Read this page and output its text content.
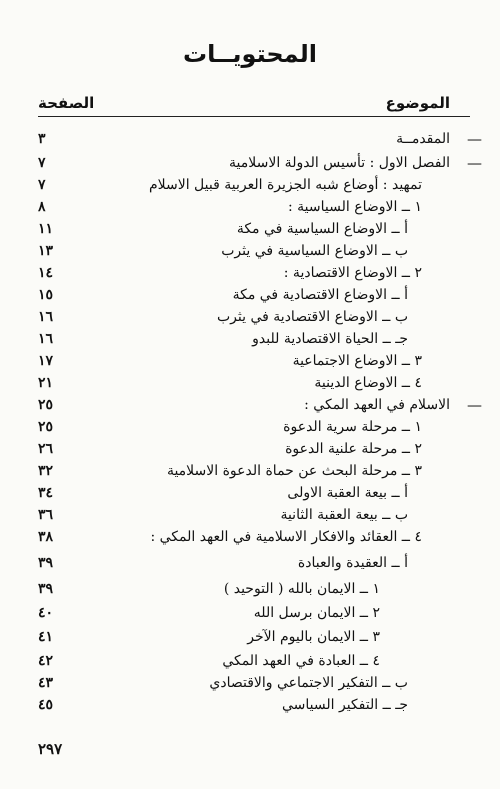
المحتويــات
الموضوع
الصفحة
—
المقدمــة
٣
—
الفصل الاول : تأسيس الدولة الاسلامية
٧
تمهيد : أوضاع شبه الجزيرة العربية قبيل الاسلام
٧
١ ــ الاوضاع السياسية :
٨
أ ــ الاوضاع السياسية في مكة
١١
ب ــ الاوضاع السياسية في يثرب
١٣
٢ ــ الاوضاع الاقتصادية :
١٤
أ ــ الاوضاع الاقتصادية في مكة
١٥
ب ــ الاوضاع الاقتصادية في يثرب
١٦
جـ ــ الحياة الاقتصادية للبدو
١٦
٣ ــ الاوضاع الاجتماعية
١٧
٤ ــ الاوضاع الدينية
٢١
—
الاسلام في العهد المكي :
٢٥
١ ــ مرحلة سرية الدعوة
٢٥
٢ ــ مرحلة علنية الدعوة
٢٦
٣ ــ مرحلة البحث عن حماة الدعوة الاسلامية
٣٢
أ ــ بيعة العقبة الاولى
٣٤
ب ــ بيعة العقبة الثانية
٣٦
٤ ــ العقائد والافكار الاسلامية في العهد المكي :
٣٨
أ ــ العقيدة والعبادة
٣٩
١ ــ الايمان بالله ( التوحيد )
٣٩
٢ ــ الايمان برسل الله
٤٠
٣ ــ الايمان باليوم الآخر
٤١
٤ ــ العبادة في العهد المكي
٤٢
ب ــ التفكير الاجتماعي والاقتصادي
٤٣
جـ ــ التفكير السياسي
٤٥
٢٩٧
